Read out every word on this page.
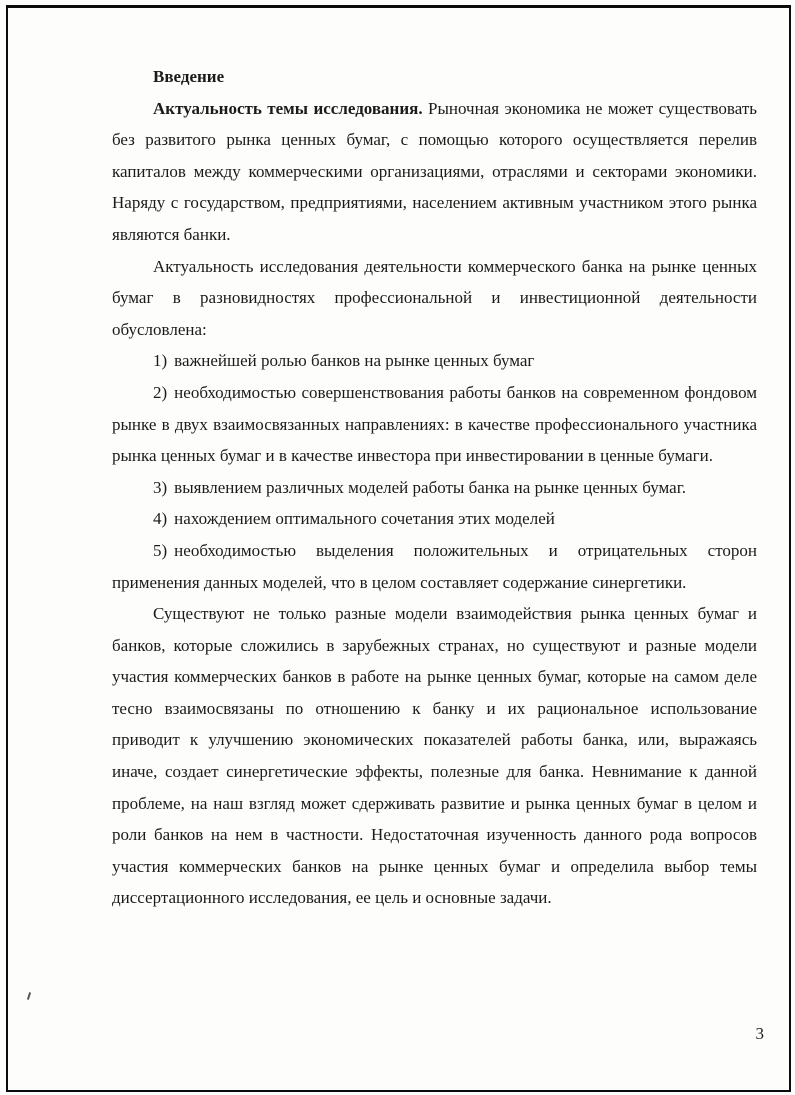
Введение

Актуальность темы исследования. Рыночная экономика не может существовать без развитого рынка ценных бумаг, с помощью которого осуществляется перелив капиталов между коммерческими организациями, отраслями и секторами экономики. Наряду с государством, предприятиями, населением активным участником этого рынка являются банки.

Актуальность исследования деятельности коммерческого банка на рынке ценных бумаг в разновидностях профессиональной и инвестиционной деятельности обусловлена:

1) важнейшей ролью банков на рынке ценных бумаг

2) необходимостью совершенствования работы банков на современном фондовом рынке в двух взаимосвязанных направлениях: в качестве профессионального участника рынка ценных бумаг и в качестве инвестора при инвестировании в ценные бумаги.

3) выявлением различных моделей работы банка на рынке ценных бумаг.

4) нахождением оптимального сочетания этих моделей

5) необходимостью выделения положительных и отрицательных сторон применения данных моделей, что в целом составляет содержание синергетики.

Существуют не только разные модели взаимодействия рынка ценных бумаг и банков, которые сложились в зарубежных странах, но существуют и разные модели участия коммерческих банков в работе на рынке ценных бумаг, которые на самом деле тесно взаимосвязаны по отношению к банку и их рациональное использование приводит к улучшению экономических показателей работы банка, или, выражаясь иначе, создает синергетические эффекты, полезные для банка. Невнимание к данной проблеме, на наш взгляд может сдерживать развитие и рынка ценных бумаг в целом и роли банков на нем в частности. Недостаточная изученность данного рода вопросов участия коммерческих банков на рынке ценных бумаг и определила выбор темы диссертационного исследования, ее цель и основные задачи.

3
